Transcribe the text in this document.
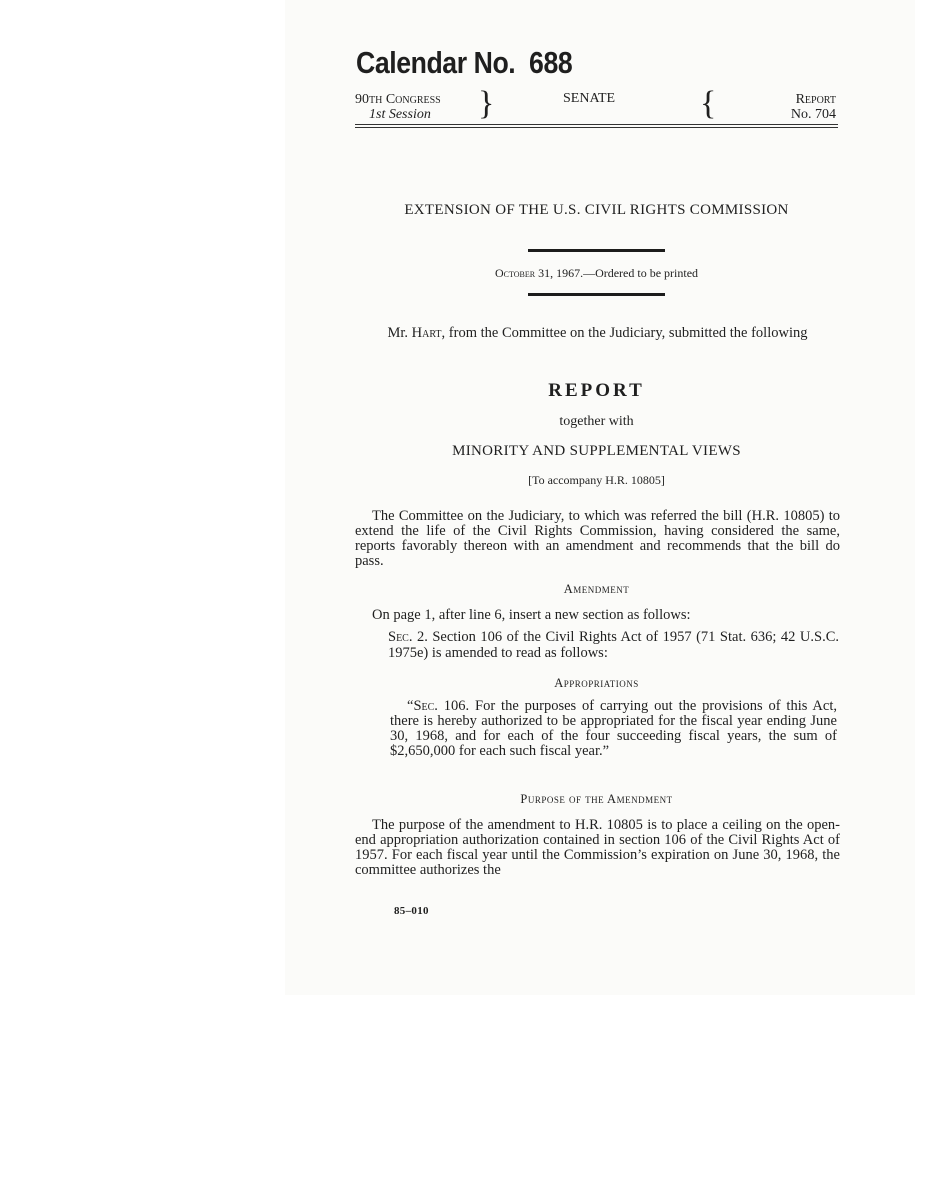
Calendar No. 688
90th Congress
1st Session }	SENATE {	Report
No. 704
EXTENSION OF THE U.S. CIVIL RIGHTS COMMISSION
October 31, 1967.—Ordered to be printed
Mr. Hart, from the Committee on the Judiciary, submitted the following
REPORT
together with
MINORITY AND SUPPLEMENTAL VIEWS
[To accompany H.R. 10805]
The Committee on the Judiciary, to which was referred the bill (H.R. 10805) to extend the life of the Civil Rights Commission, having considered the same, reports favorably thereon with an amendment and recommends that the bill do pass.
Amendment
On page 1, after line 6, insert a new section as follows:
Sec. 2. Section 106 of the Civil Rights Act of 1957 (71 Stat. 636; 42 U.S.C. 1975e) is amended to read as follows:
Appropriations
“Sec. 106. For the purposes of carrying out the provisions of this Act, there is hereby authorized to be appropriated for the fiscal year ending June 30, 1968, and for each of the four succeeding fiscal years, the sum of $2,650,000 for each such fiscal year.”
Purpose of the Amendment
The purpose of the amendment to H.R. 10805 is to place a ceiling on the open-end appropriation authorization contained in section 106 of the Civil Rights Act of 1957. For each fiscal year until the Commission’s expiration on June 30, 1968, the committee authorizes the
85–010
